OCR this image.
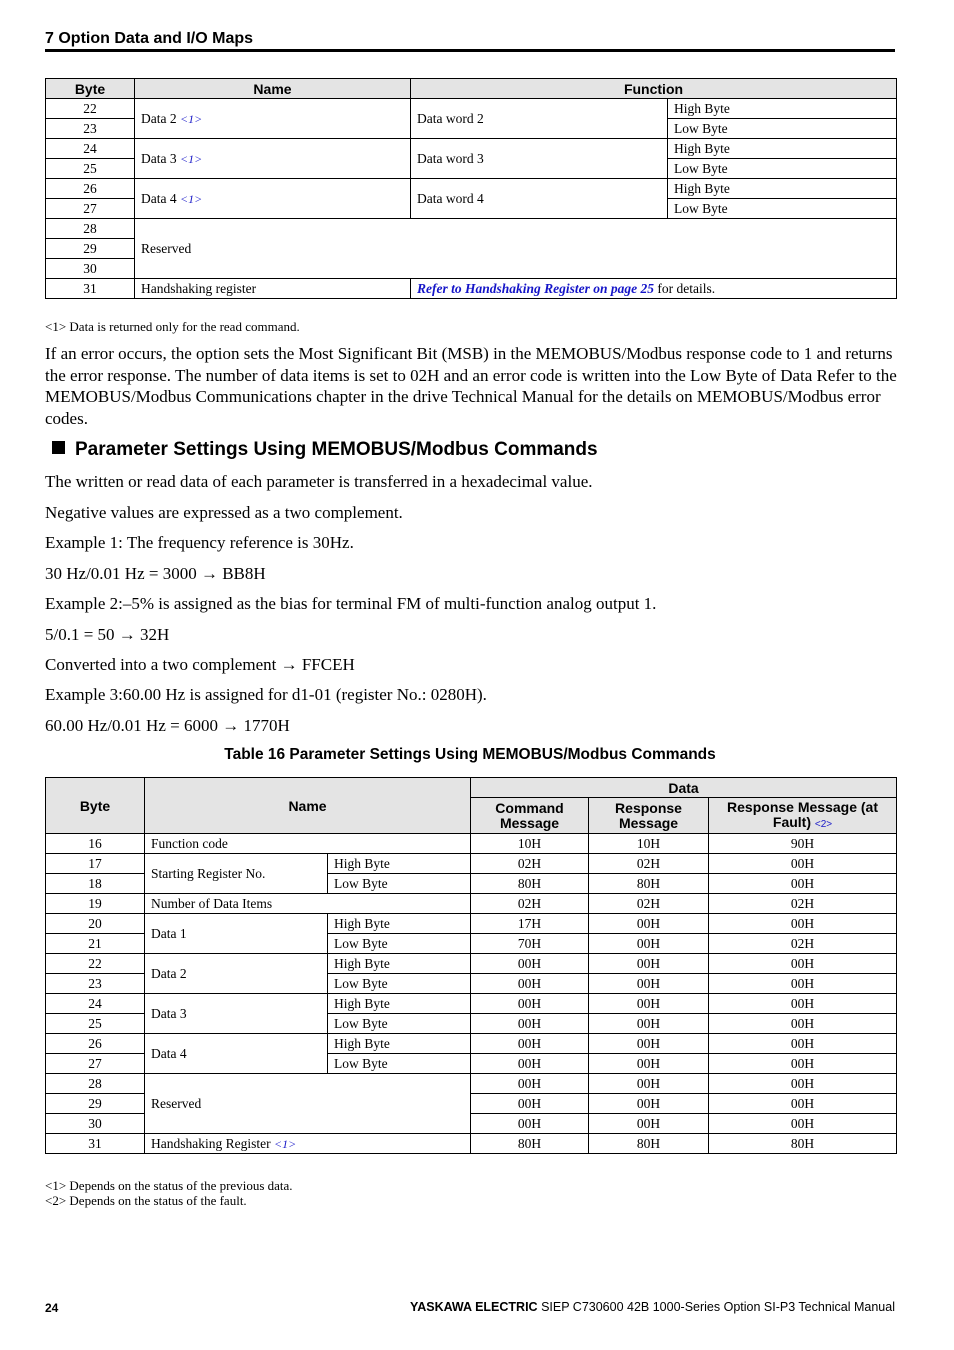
7 Option Data and I/O Maps
Byte	Name	Function	
22	Data 2 <1>	Data word 2	High Byte
23			Low Byte
24	Data 3 <1>	Data word 3	High Byte
25			Low Byte
26	Data 4 <1>	Data word 4	High Byte
27			Low Byte
28	Reserved		
29			
30			
31	Handshaking register	Refer to Handshaking Register on page 25 for details.	
<1> Data is returned only for the read command.
If an error occurs, the option sets the Most Significant Bit (MSB) in the MEMOBUS/Modbus response code to 1 and returns the error response. The number of data items is set to 02H and an error code is written into the Low Byte of Data Refer to the MEMOBUS/Modbus Communications chapter in the drive Technical Manual for the details on MEMOBUS/Modbus error codes.
Parameter Settings Using MEMOBUS/Modbus Commands
The written or read data of each parameter is transferred in a hexadecimal value.
Negative values are expressed as a two complement.
Example 1: The frequency reference is 30Hz.
30 Hz/0.01 Hz = 3000 → BB8H
Example 2:–5% is assigned as the bias for terminal FM of multi-function analog output 1.
5/0.1 = 50 → 32H
Converted into a two complement → FFCEH
Example 3:60.00 Hz is assigned for d1-01 (register No.: 0280H).
60.00 Hz/0.01 Hz = 6000 → 1770H
Table 16 Parameter Settings Using MEMOBUS/Modbus Commands
Byte	Name		Data		
			Command Message	Response Message	Response Message (at Fault) <2>
16	Function code		10H	10H	90H
17	Starting Register No.	High Byte	02H	02H	00H
18		Low Byte	80H	80H	00H
19	Number of Data Items		02H	02H	02H
20	Data 1	High Byte	17H	00H	00H
21		Low Byte	70H	00H	02H
22	Data 2	High Byte	00H	00H	00H
23		Low Byte	00H	00H	00H
24	Data 3	High Byte	00H	00H	00H
25		Low Byte	00H	00H	00H
26	Data 4	High Byte	00H	00H	00H
27		Low Byte	00H	00H	00H
28	Reserved		00H	00H	00H
29			00H	00H	00H
30			00H	00H	00H
31	Handshaking Register <1>		80H	80H	80H
<1> Depends on the status of the previous data.
<2> Depends on the status of the fault.
24	YASKAWA ELECTRIC SIEP C730600 42B 1000-Series Option SI-P3 Technical Manual
